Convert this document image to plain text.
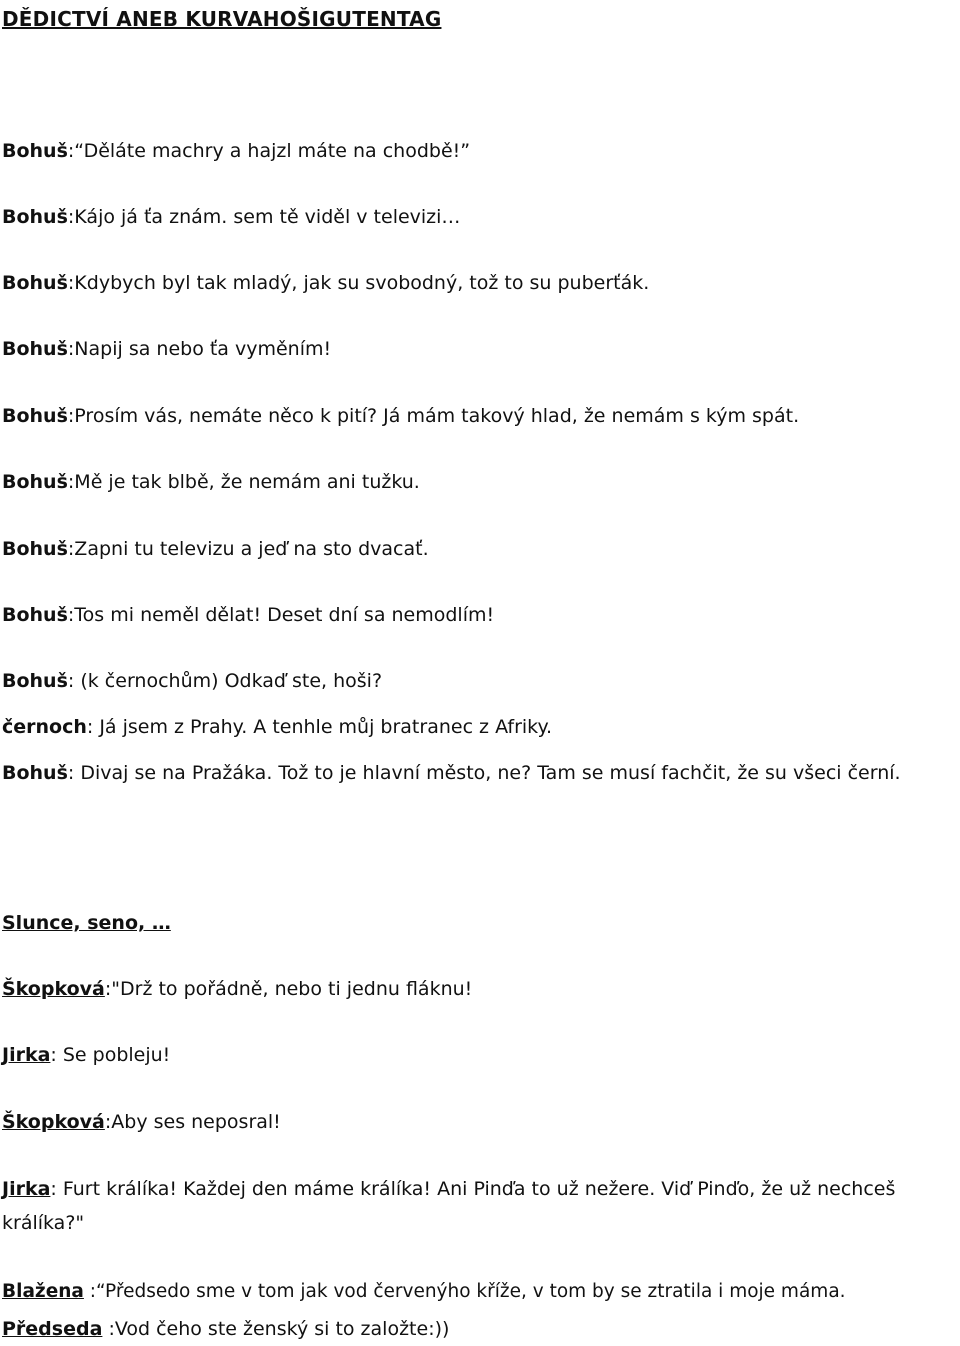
DĚDICTVÍ ANEB KURVAHOŠIGUTENTAG
Bohuš:“Děláte machry a hajzl máte na chodbě!”
Bohuš:Kájo já ťa znám. sem tě viděl v televizi…
Bohuš:Kdybych byl tak mladý, jak su svobodný, tož to su puberťák.
Bohuš:Napij sa nebo ťa vyměním!
Bohuš:Prosím vás, nemáte něco k pití? Já mám takový hlad, že nemám s kým spát.
Bohuš:Mě je tak blbě, že nemám ani tužku.
Bohuš:Zapni tu televizu a jeď na sto dvacať.
Bohuš:Tos mi neměl dělat! Deset dní sa nemodlím!
Bohuš: (k černochům) Odkaď ste, hoši?
černoch: Já jsem z Prahy. A tenhle můj bratranec z Afriky.
Bohuš: Divaj se na Pražáka. Tož to je hlavní město, ne? Tam se musí fachčit, že su všeci černí.
Slunce, seno, …
Škopková:"Drž to pořádně, nebo ti jednu fláknu!
Jirka: Se pobleju!
Škopková:Aby ses neposral!
Jirka: Furt králíka! Každej den máme králíka! Ani Pinďa to už nežere. Viď Pinďo, že už nechceš králíka?"
Blažena :“Předsedo sme v tom jak vod červenýho kříže, v tom by se ztratila i moje máma.
Předseda :Vod čeho ste ženský si to založte:))
